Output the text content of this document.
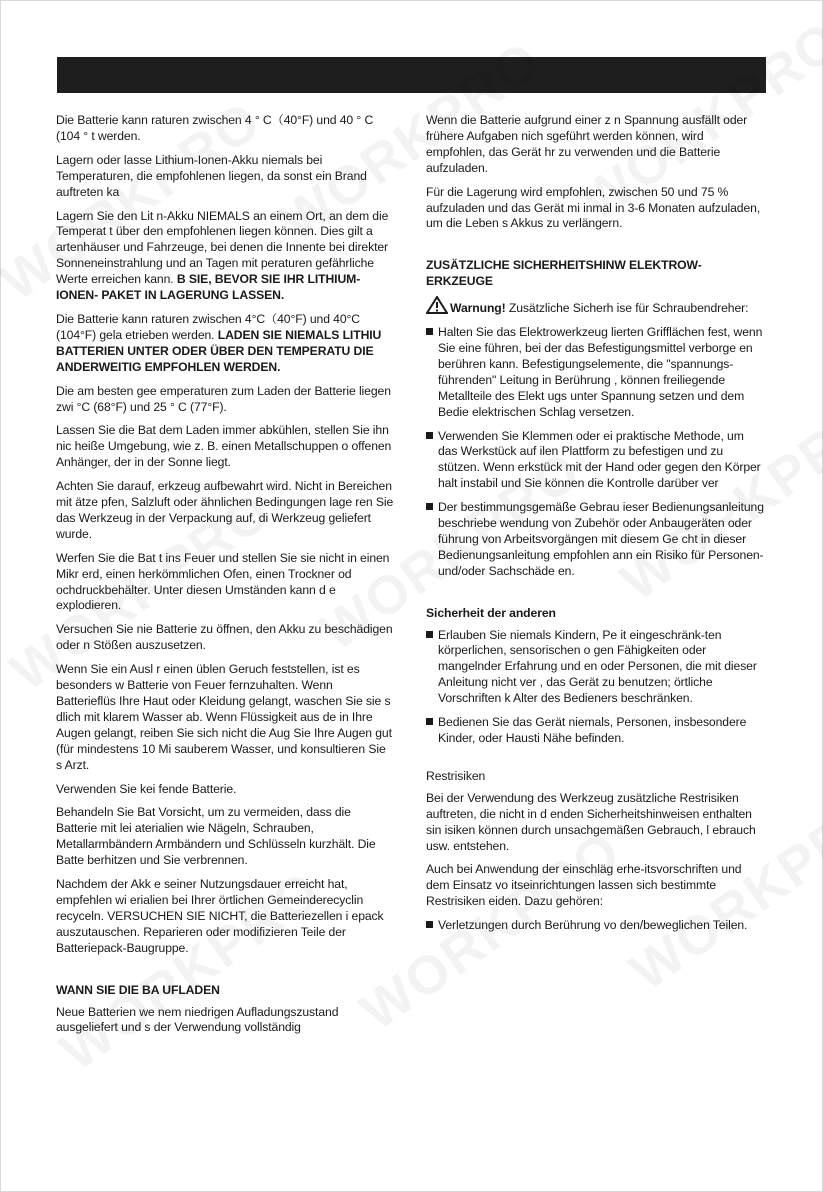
Die Batterie kann raturen zwischen 4 ° C（40°F) und 40 ° C (104 ° t werden.

Lagern oder lasse Lithium-Ionen-Akku niemals bei Temperaturen, die empfohlenen liegen, da sonst ein Brand auftreten ka

Lagern Sie den Lit n-Akku NIEMALS an einem Ort, an dem die Temperat t über den empfohlenen liegen können. Dies gilt a artenhäuser und Fahrzeuge, bei denen die Innente bei direkter Sonneneinstrahlung und an Tagen mit peraturen gefährliche Werte erreichen kann. B SIE, BEVOR SIE IHR LITHIUM-IONEN- PAKET IN LAGERUNG LASSEN.

Die Batterie kann raturen zwischen 4°C（40°F) und 40°C (104°F) gela etrieben werden. LADEN SIE NIEMALS LITHIU BATTERIEN UNTER ODER ÜBER DEN TEMPERATU DIE ANDERWEITIG EMPFOHLEN WERDEN.

Die am besten gee emperaturen zum Laden der Batterie liegen zwi °C (68°F) und 25 ° C (77°F).

Lassen Sie die Bat dem Laden immer abkühlen, stellen Sie ihn nic heiße Umgebung, wie z. B. einen Metallschuppen o offenen Anhänger, der in der Sonne liegt.

Achten Sie darauf, erkzeug aufbewahrt wird. Nicht in Bereichen mit ätze pfen, Salzluft oder ähnlichen Bedingungen lage ren Sie das Werkzeug in der Verpackung auf, di Werkzeug geliefert wurde.

Werfen Sie die Bat t ins Feuer und stellen Sie sie nicht in einen Mikr erd, einen herkömmlichen Ofen, einen Trockner od ochdruckbehälter. Unter diesen Umständen kann d e explodieren.

Versuchen Sie nie Batterie zu öffnen, den Akku zu beschädigen oder n Stößen auszusetzen.

Wenn Sie ein Ausl r einen üblen Geruch feststellen, ist es besonders w Batterie von Feuer fernzuhalten. Wenn Batterieflüs Ihre Haut oder Kleidung gelangt, waschen Sie sie s dlich mit klarem Wasser ab. Wenn Flüssigkeit aus de in Ihre Augen gelangt, reiben Sie sich nicht die Aug Sie Ihre Augen gut (für mindestens 10 Mi sauberem Wasser, und konsultieren Sie s Arzt.

Verwenden Sie kei fende Batterie.

Behandeln Sie Bat Vorsicht, um zu vermeiden, dass die Batterie mit lei aterialien wie Nägeln, Schrauben, Metallarmbändern Armbändern und Schlüsseln kurzhält. Die Batte berhitzen und Sie verbrennen.

Nachdem der Akk e seiner Nutzungsdauer erreicht hat, empfehlen wi erialien bei Ihrer örtlichen Gemeinderecyclin recyceln. VERSUCHEN SIE NICHT, die Batteriezellen i epack auszutauschen. Reparieren oder modifizieren Teile der Batteriepack-Baugruppe.

WANN SIE DIE BA UFLADEN

Neue Batterien we nem niedrigen Aufladungszustand ausgeliefert und s der Verwendung vollständig

Wenn die Batterie aufgrund einer z n Spannung ausfällt oder frühere Aufgaben nich sgeführt werden können, wird empfohlen, das Gerät hr zu verwenden und die Batterie aufzuladen.

Für die Lagerung wird empfohlen, zwischen 50 und 75 % aufzuladen und das Gerät mi inmal in 3-6 Monaten aufzuladen, um die Leben s Akkus zu verlängern.

ZUSÄTZLICHE SICHERHEITSHINW ELEKTROW-ERKZEUGE

Warnung! Zusätzliche Sicherh ise für Schraubendreher:

Halten Sie das Elektrowerkzeug lierten Grifflächen fest, wenn Sie eine führen, bei der das Befestigungsmittel verborge en berühren kann. Befestigungselemente, die "spannungs-führenden" Leitung in Berührung , können freiliegende Metallteile des Elekt ugs unter Spannung setzen und dem Bedie elektrischen Schlag versetzen.
Verwenden Sie Klemmen oder ei praktische Methode, um das Werkstück auf ilen Plattform zu befestigen und zu stützen. Wenn erkstück mit der Hand oder gegen den Körper halt instabil und Sie können die Kontrolle darüber ver
Der bestimmungsgemäße Gebrau ieser Bedienungsanleitung beschriebe wendung von Zubehör oder Anbaugeräten oder führung von Arbeitsvorgängen mit diesem Ge cht in dieser Bedienungsanleitung empfohlen ann ein Risiko für Personen- und/oder Sachschäde en.
Sicherheit der anderen
Erlauben Sie niemals Kindern, Pe it eingeschränk-ten körperlichen, sensorischen o gen Fähigkeiten oder mangelnder Erfahrung und en oder Personen, die mit dieser Anleitung nicht ver , das Gerät zu benutzen; örtliche Vorschriften k Alter des Bedieners beschränken.
Bedienen Sie das Gerät niemals, Personen, insbesondere Kinder, oder Hausti Nähe befinden.
Restrisiken

Bei der Verwendung des Werkzeug zusätzliche Restrisiken auftreten, die nicht in d enden Sicherheitshinweisen enthalten sin isiken können durch unsachgemäßen Gebrauch, l ebrauch usw. entstehen.

Auch bei Anwendung der einschläg erhe-itsvorschriften und dem Einsatz vo itseinrichtungen lassen sich bestimmte Restrisiken eiden. Dazu gehören:

Verletzungen durch Berührung vo den/beweglichen Teilen.
